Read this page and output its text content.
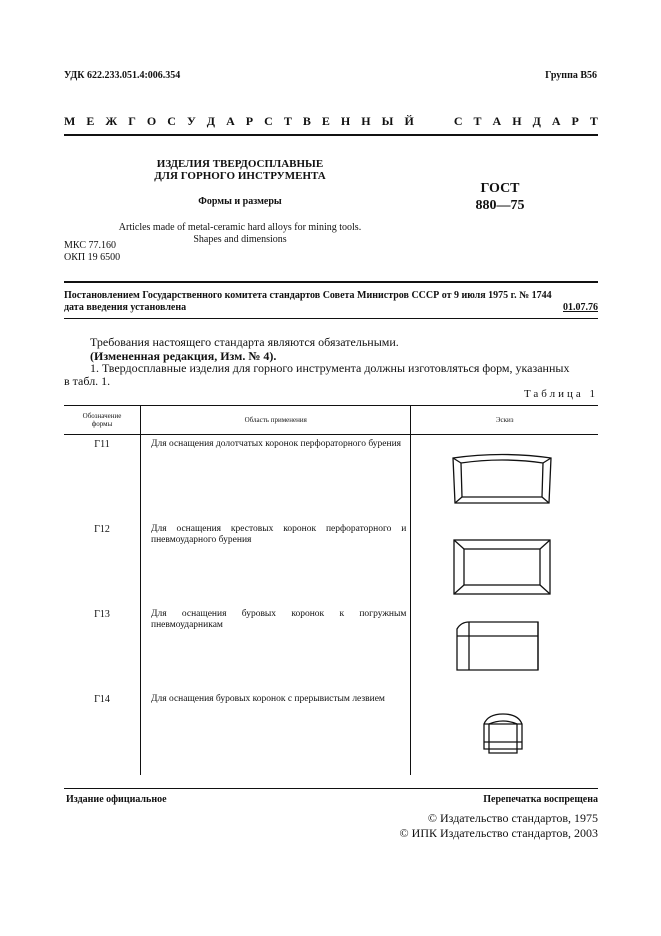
УДК 622.233.051.4:006.354	Группа В56
М Е Ж Г О С У Д А Р С Т В Е Н Н Ы Й	С Т А Н Д А Р Т
ИЗДЕЛИЯ ТВЕРДОСПЛАВНЫЕ
ДЛЯ ГОРНОГО ИНСТРУМЕНТА
Формы и размеры
ГОСТ
880—75
Articles made of metal-ceramic hard alloys for mining tools.
Shapes and dimensions
МКС 77.160
ОКП 19 6500
Постановлением Государственного комитета стандартов Совета Министров СССР от 9 июля 1975 г. № 1744
дата введения установлена	01.07.76
Требования настоящего стандарта являются обязательными.
(Измененная редакция, Изм. № 4).
1. Твердосплавные изделия для горного инструмента должны изготовляться форм, указанных
в табл. 1.
Таблица 1
Обозначение
формы	Область применения	Эскиз
Г11	Для оснащения долотчатых коронок перфораторного бурения	
Г12	Для оснащения крестовых коронок перфораторного и пневмоударного бурения	
Г13	Для оснащения буровых коронок к погружным пневмоударникам	
Г14	Для оснащения буровых коронок с прерывистым лезвием	
Издание официальное	Перепечатка воспрещена
© Издательство стандартов, 1975
© ИПК Издательство стандартов, 2003
